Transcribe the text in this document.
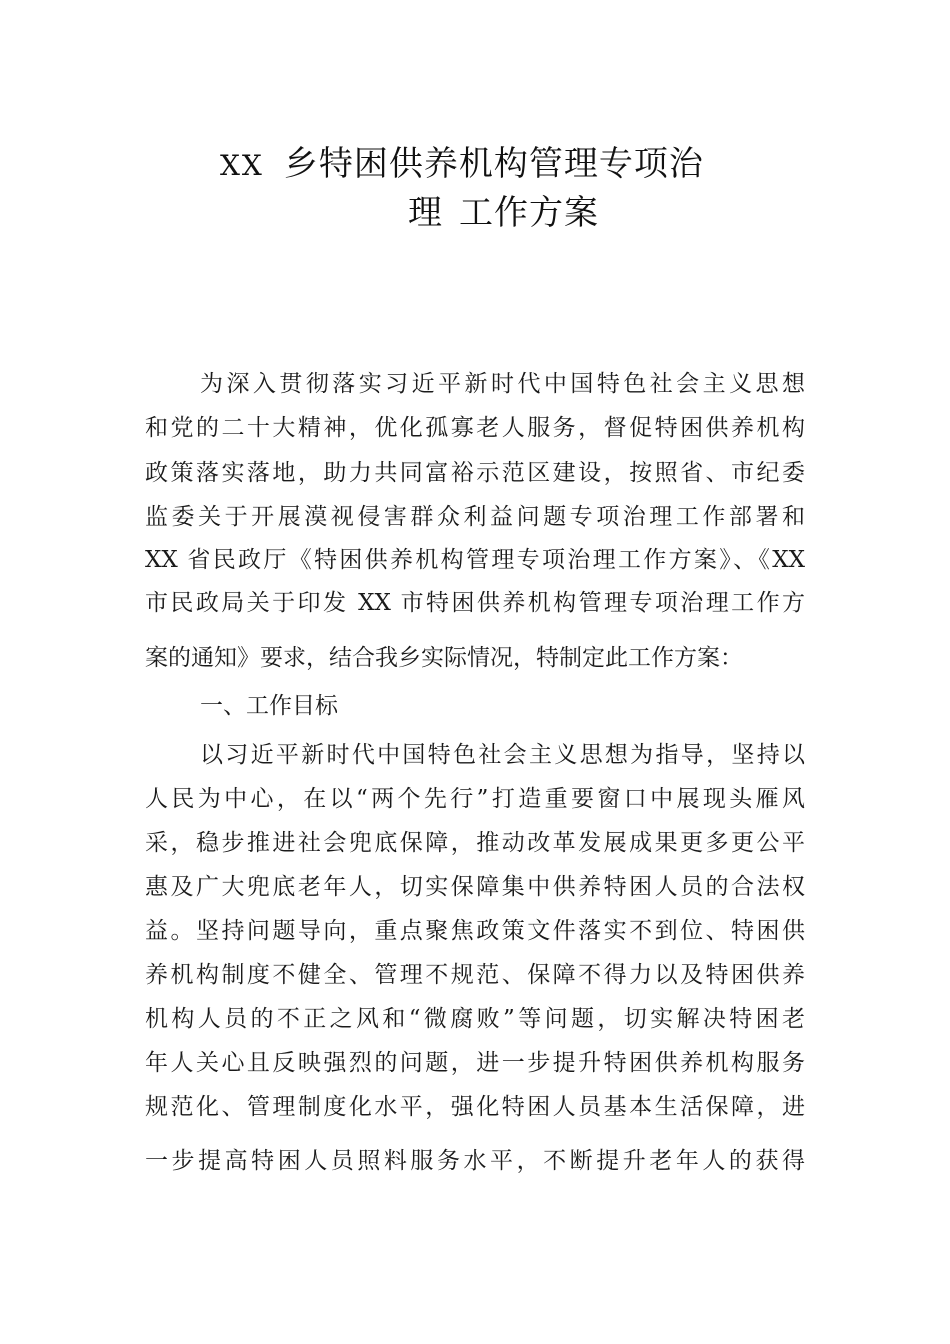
XX 乡特困供养机构管理专项治
理 工作方案
为深入贯彻落实习近平新时代中国特色社会主义思想
和党的二十大精神，优化孤寡老人服务，督促特困供养机构
政策落实落地，助力共同富裕示范区建设，按照省、市纪委
监委关于开展漠视侵害群众利益问题专项治理工作部署和
XX 省民政厅《特困供养机构管理专项治理工作方案》、《XX
市民政局关于印发 XX 市特困供养机构管理专项治理工作方
案的通知》要求，结合我乡实际情况，特制定此工作方案：
一、工作目标
以习近平新时代中国特色社会主义思想为指导，坚持以
人民为中心，在以“两个先行”打造重要窗口中展现头雁风
采，稳步推进社会兜底保障，推动改革发展成果更多更公平
惠及广大兜底老年人，切实保障集中供养特困人员的合法权
益。坚持问题导向，重点聚焦政策文件落实不到位、特困供
养机构制度不健全、管理不规范、保障不得力以及特困供养
机构人员的不正之风和“微腐败”等问题，切实解决特困老
年人关心且反映强烈的问题，进一步提升特困供养机构服务
规范化、管理制度化水平，强化特困人员基本生活保障，进
一步提高特困人员照料服务水平，不断提升老年人的获得
